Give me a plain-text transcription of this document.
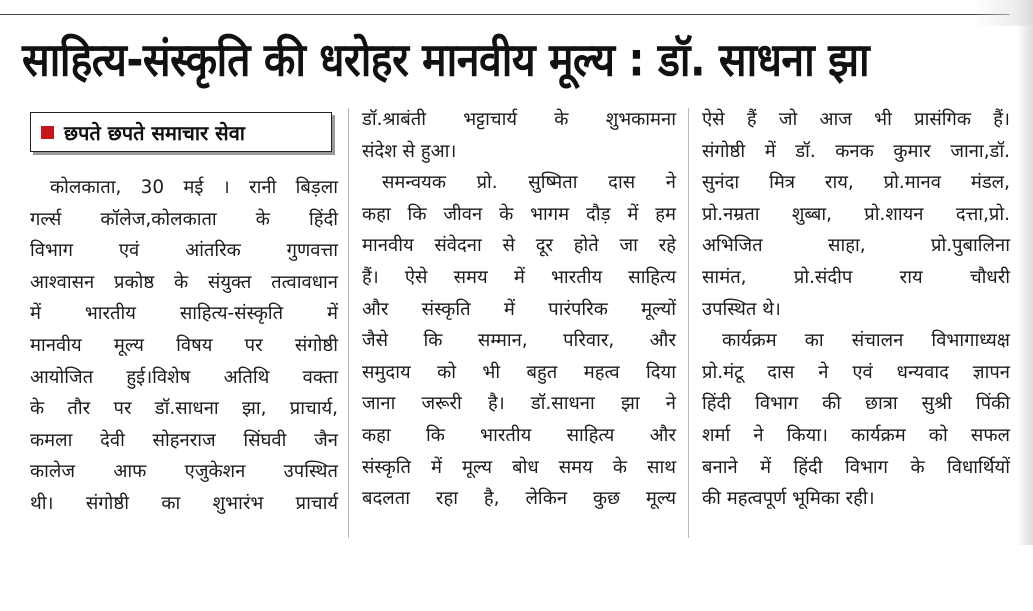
साहित्य-संस्कृति की धरोहर मानवीय मूल्य : डॉ. साधना झा
छपते छपते समाचार सेवा
कोलकाता, 30 मई । रानी बिड़ला
गर्ल्स कॉलेज,कोलकाता के हिंदी
विभाग एवं आंतरिक गुणवत्ता
आश्वासन प्रकोष्ठ के संयुक्त तत्वावधान
में भारतीय साहित्य-संस्कृति में
मानवीय मूल्य विषय पर संगोष्ठी
आयोजित हुई।विशेष अतिथि वक्ता
के तौर पर डॉ.साधना झा, प्राचार्य,
कमला देवी सोहनराज सिंघवी जैन
कालेज आफ एजुकेशन उपस्थित
थी। संगोष्ठी का शुभारंभ प्राचार्य
डॉ.श्राबंती भट्टाचार्य के शुभकामना
संदेश से हुआ।
समन्वयक प्रो. सुष्मिता दास ने
कहा कि जीवन के भागम दौड़ में हम
मानवीय संवेदना से दूर होते जा रहे
हैं। ऐसे समय में भारतीय साहित्य
और संस्कृति में पारंपरिक मूल्यों
जैसे कि सम्मान, परिवार, और
समुदाय को भी बहुत महत्व दिया
जाना जरूरी है। डॉ.साधना झा ने
कहा कि भारतीय साहित्य और
संस्कृति में मूल्य बोध समय के साथ
बदलता रहा है, लेकिन कुछ मूल्य
ऐसे हैं जो आज भी प्रासंगिक हैं।
संगोष्ठी में डॉ. कनक कुमार जाना,डॉ.
सुनंदा मित्र राय, प्रो.मानव मंडल,
प्रो.नम्रता शुब्बा, प्रो.शायन दत्ता,प्रो.
अभिजित साहा, प्रो.पुबालिना
सामंत, प्रो.संदीप राय चौधरी
उपस्थित थे।
कार्यक्रम का संचालन विभागाध्यक्ष
प्रो.मंटू दास ने एवं धन्यवाद ज्ञापन
हिंदी विभाग की छात्रा सुश्री पिंकी
शर्मा ने किया। कार्यक्रम को सफल
बनाने में हिंदी विभाग के विधार्थियों
की महत्वपूर्ण भूमिका रही।
